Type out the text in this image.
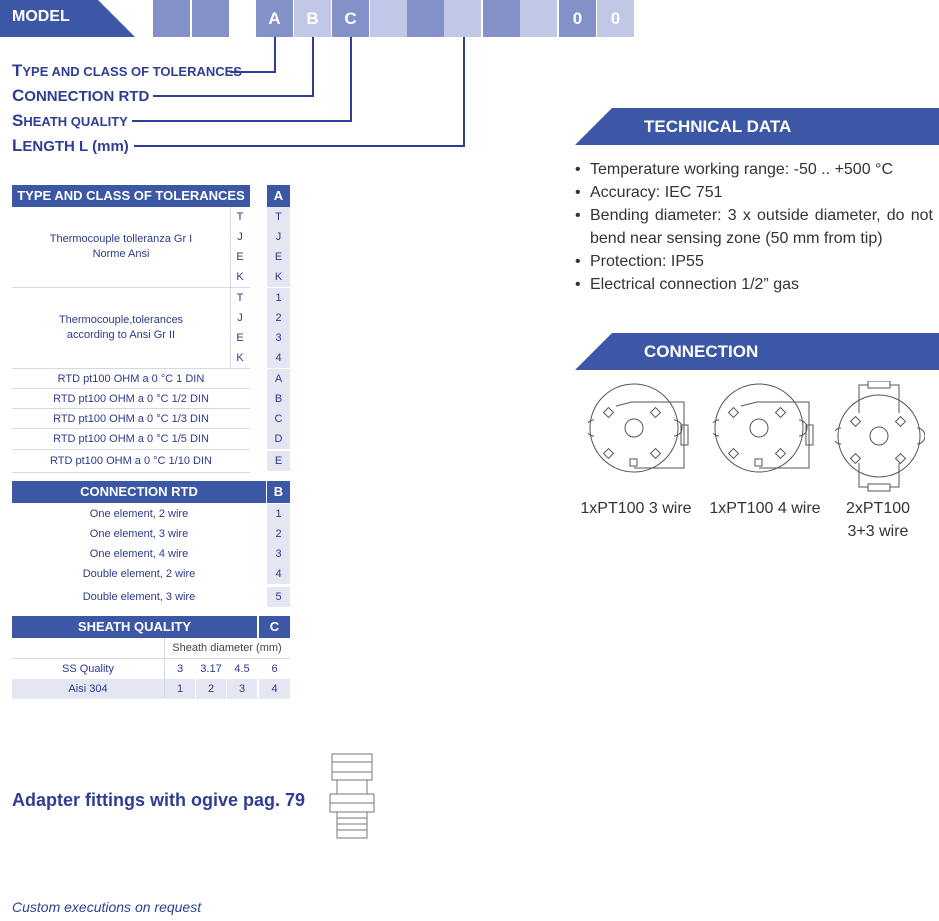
MODEL	A	B	C	0	0
TYPE AND CLASS OF TOLERANCES
CONNECTION RTD
SHEATH QUALITY
LENGTH L (mm)
TYPE AND CLASS OF TOLERANCES	A
Thermocouple tolleranza Gr I
Norme Ansi
T	T
J	J
E	E
K	K
Thermocouple,tolerances
according to Ansi Gr II
T	1
J	2
E	3
K	4
RTD pt100 OHM a 0 °C 1 DIN	A
RTD pt100 OHM a 0 °C 1/2 DIN	B
RTD pt100 OHM a 0 °C 1/3 DIN	C
RTD pt100 OHM a 0 °C 1/5 DIN	D
RTD pt100 OHM a 0 °C 1/10 DIN	E
CONNECTION RTD	B
One element, 2 wire	1
One element, 3 wire	2
One element, 4 wire	3
Double element, 2 wire	4
Double element, 3 wire	5
SHEATH QUALITY	C
Sheath diameter (mm)
SS Quality	3	3.17	4.5	6
Aisi 304	1	2	3	4
TECHNICAL DATA
• Temperature working range: -50 .. +500 °C
• Accuracy: IEC 751
• Bending diameter: 3 x outside diameter, do not bend near sensing zone (50 mm from tip)
• Protection: IP55
• Electrical connection 1/2” gas
CONNECTION
1xPT100 3 wire 1xPT100 4 wire	2xPT100
3+3 wire
Adapter fittings with ogive pag. 79
Custom executions on request
